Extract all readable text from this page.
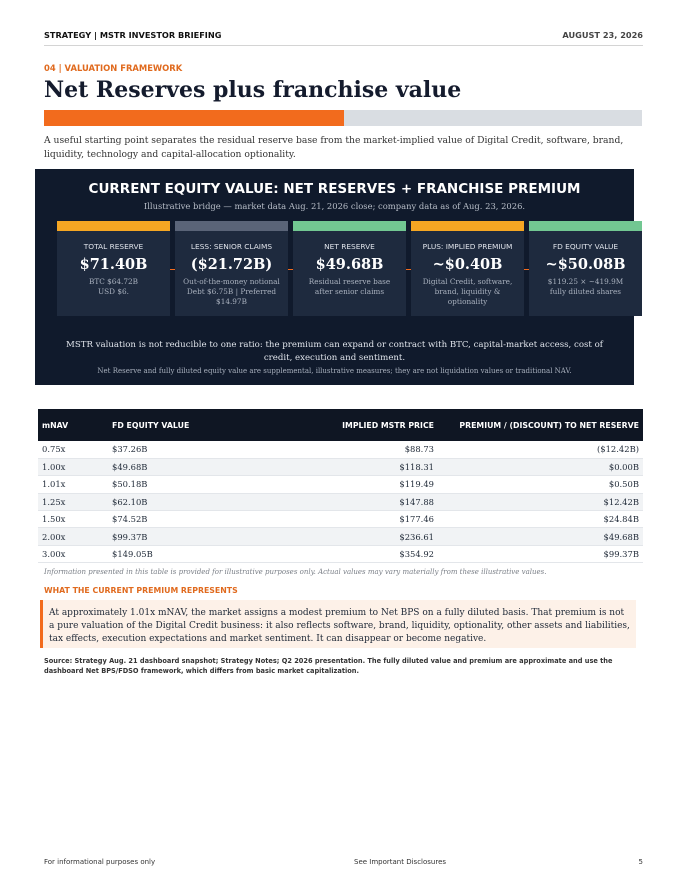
STRATEGY | MSTR INVESTOR BRIEFING	AUGUST 23, 2026
04 | VALUATION FRAMEWORK
Net Reserves plus franchise value
A useful starting point separates the residual reserve base from the market-implied value of Digital Credit, software, brand, liquidity, technology and capital-allocation optionality.
CURRENT EQUITY VALUE: NET RESERVES + FRANCHISE PREMIUM
Illustrative bridge — market data Aug. 21, 2026 close; company data as of Aug. 23, 2026.
TOTAL RESERVE
$71.40B
BTC $64.72B
USD $6.
LESS: SENIOR CLAIMS
($21.72B)
Out-of-the-money notional
Debt $6.75B | Preferred
$14.97B
NET RESERVE
$49.68B
Residual reserve base
after senior claims
PLUS: IMPLIED PREMIUM
~$0.40B
Digital Credit, software,
brand, liquidity & optionality
FD EQUITY VALUE
~$50.08B
$119.25 × ~419.9M
fully diluted shares
MSTR valuation is not reducible to one ratio: the premium can expand or contract with BTC, capital-market access, cost of credit, execution and sentiment.
Net Reserve and fully diluted equity value are supplemental, illustrative measures; they are not liquidation values or traditional NAV.
mNAV	FD EQUITY VALUE	IMPLIED MSTR PRICE	PREMIUM / (DISCOUNT) TO NET RESERVE
0.75x	$37.26B	$88.73	($12.42B)
1.00x	$49.68B	$118.31	$0.00B
1.01x	$50.18B	$119.49	$0.50B
1.25x	$62.10B	$147.88	$12.42B
1.50x	$74.52B	$177.46	$24.84B
2.00x	$99.37B	$236.61	$49.68B
3.00x	$149.05B	$354.92	$99.37B
Information presented in this table is provided for illustrative purposes only. Actual values may vary materially from these illustrative values.
WHAT THE CURRENT PREMIUM REPRESENTS
At approximately 1.01x mNAV, the market assigns a modest premium to Net BPS on a fully diluted basis. That premium is not a pure valuation of the Digital Credit business: it also reflects software, brand, liquidity, optionality, other assets and liabilities, tax effects, execution expectations and market sentiment. It can disappear or become negative.
Source: Strategy Aug. 21 dashboard snapshot; Strategy Notes; Q2 2026 presentation. The fully diluted value and premium are approximate and use the dashboard Net BPS/FDSO framework, which differs from basic market capitalization.
For informational purposes only	See Important Disclosures	5
